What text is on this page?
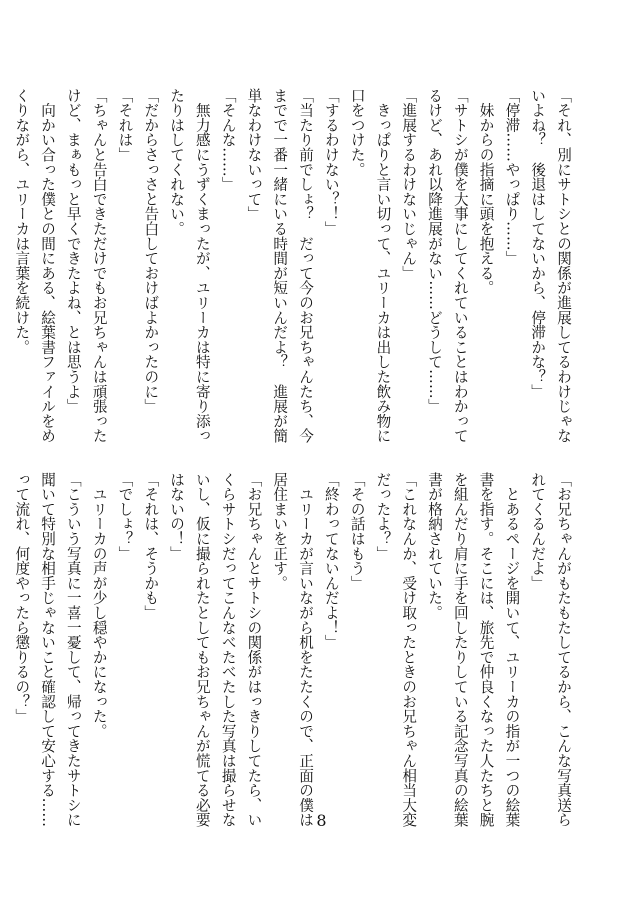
「それ、別にサトシとの関係が進展してるわけじゃな
いよね？　後退はしてないから、停滞かな？」
「停滞……やっぱり……」
　妹からの指摘に頭を抱える。
「サトシが僕を大事にしてくれていることはわかって
るけど、あれ以降進展がない……どうして……」
「進展するわけないじゃん」
　きっぱりと言い切って、ユリーカは出した飲み物に
口をつけた。
「するわけない？！」
「当たり前でしょ？　だって今のお兄ちゃんたち、今
までで一番一緒にいる時間が短いんだよ？　進展が簡
単なわけないって」
「そんな……」
　無力感にうずくまったが、ユリーカは特に寄り添っ
たりはしてくれない。
「だからさっさと告白しておけばよかったのに」
「それは」
「ちゃんと告白できただけでもお兄ちゃんは頑張った
けど、まぁもっと早くできたよね、とは思うよ」
　向かい合った僕との間にある、絵葉書ファイルをめ
くりながら、ユリーカは言葉を続けた。
「お兄ちゃんがもたもたしてるから、こんな写真送ら
れてくるんだよ」
　とあるページを開いて、ユリーカの指が一つの絵葉
書を指す。そこには、旅先で仲良くなった人たちと腕
を組んだり肩に手を回したりしている記念写真の絵葉
書が格納されていた。
「これなんか、受け取ったときのお兄ちゃん相当大変
だったよ？」
「その話はもう」
「終わってないんだよ！」
　ユリーカが言いながら机をたたくので、正面の僕は
居住まいを正す。
「お兄ちゃんとサトシの関係がはっきりしてたら、い
くらサトシだってこんなべたべたした写真は撮らせな
いし、仮に撮られたとしてもお兄ちゃんが慌てる必要
はないの！」
「それは、そうかも」
「でしょ？」
　ユリーカの声が少し穏やかになった。
「こういう写真に一喜一憂して、帰ってきたサトシに
聞いて特別な相手じゃないこと確認して安心する……
って流れ、何度やったら懲りるの？」
8
